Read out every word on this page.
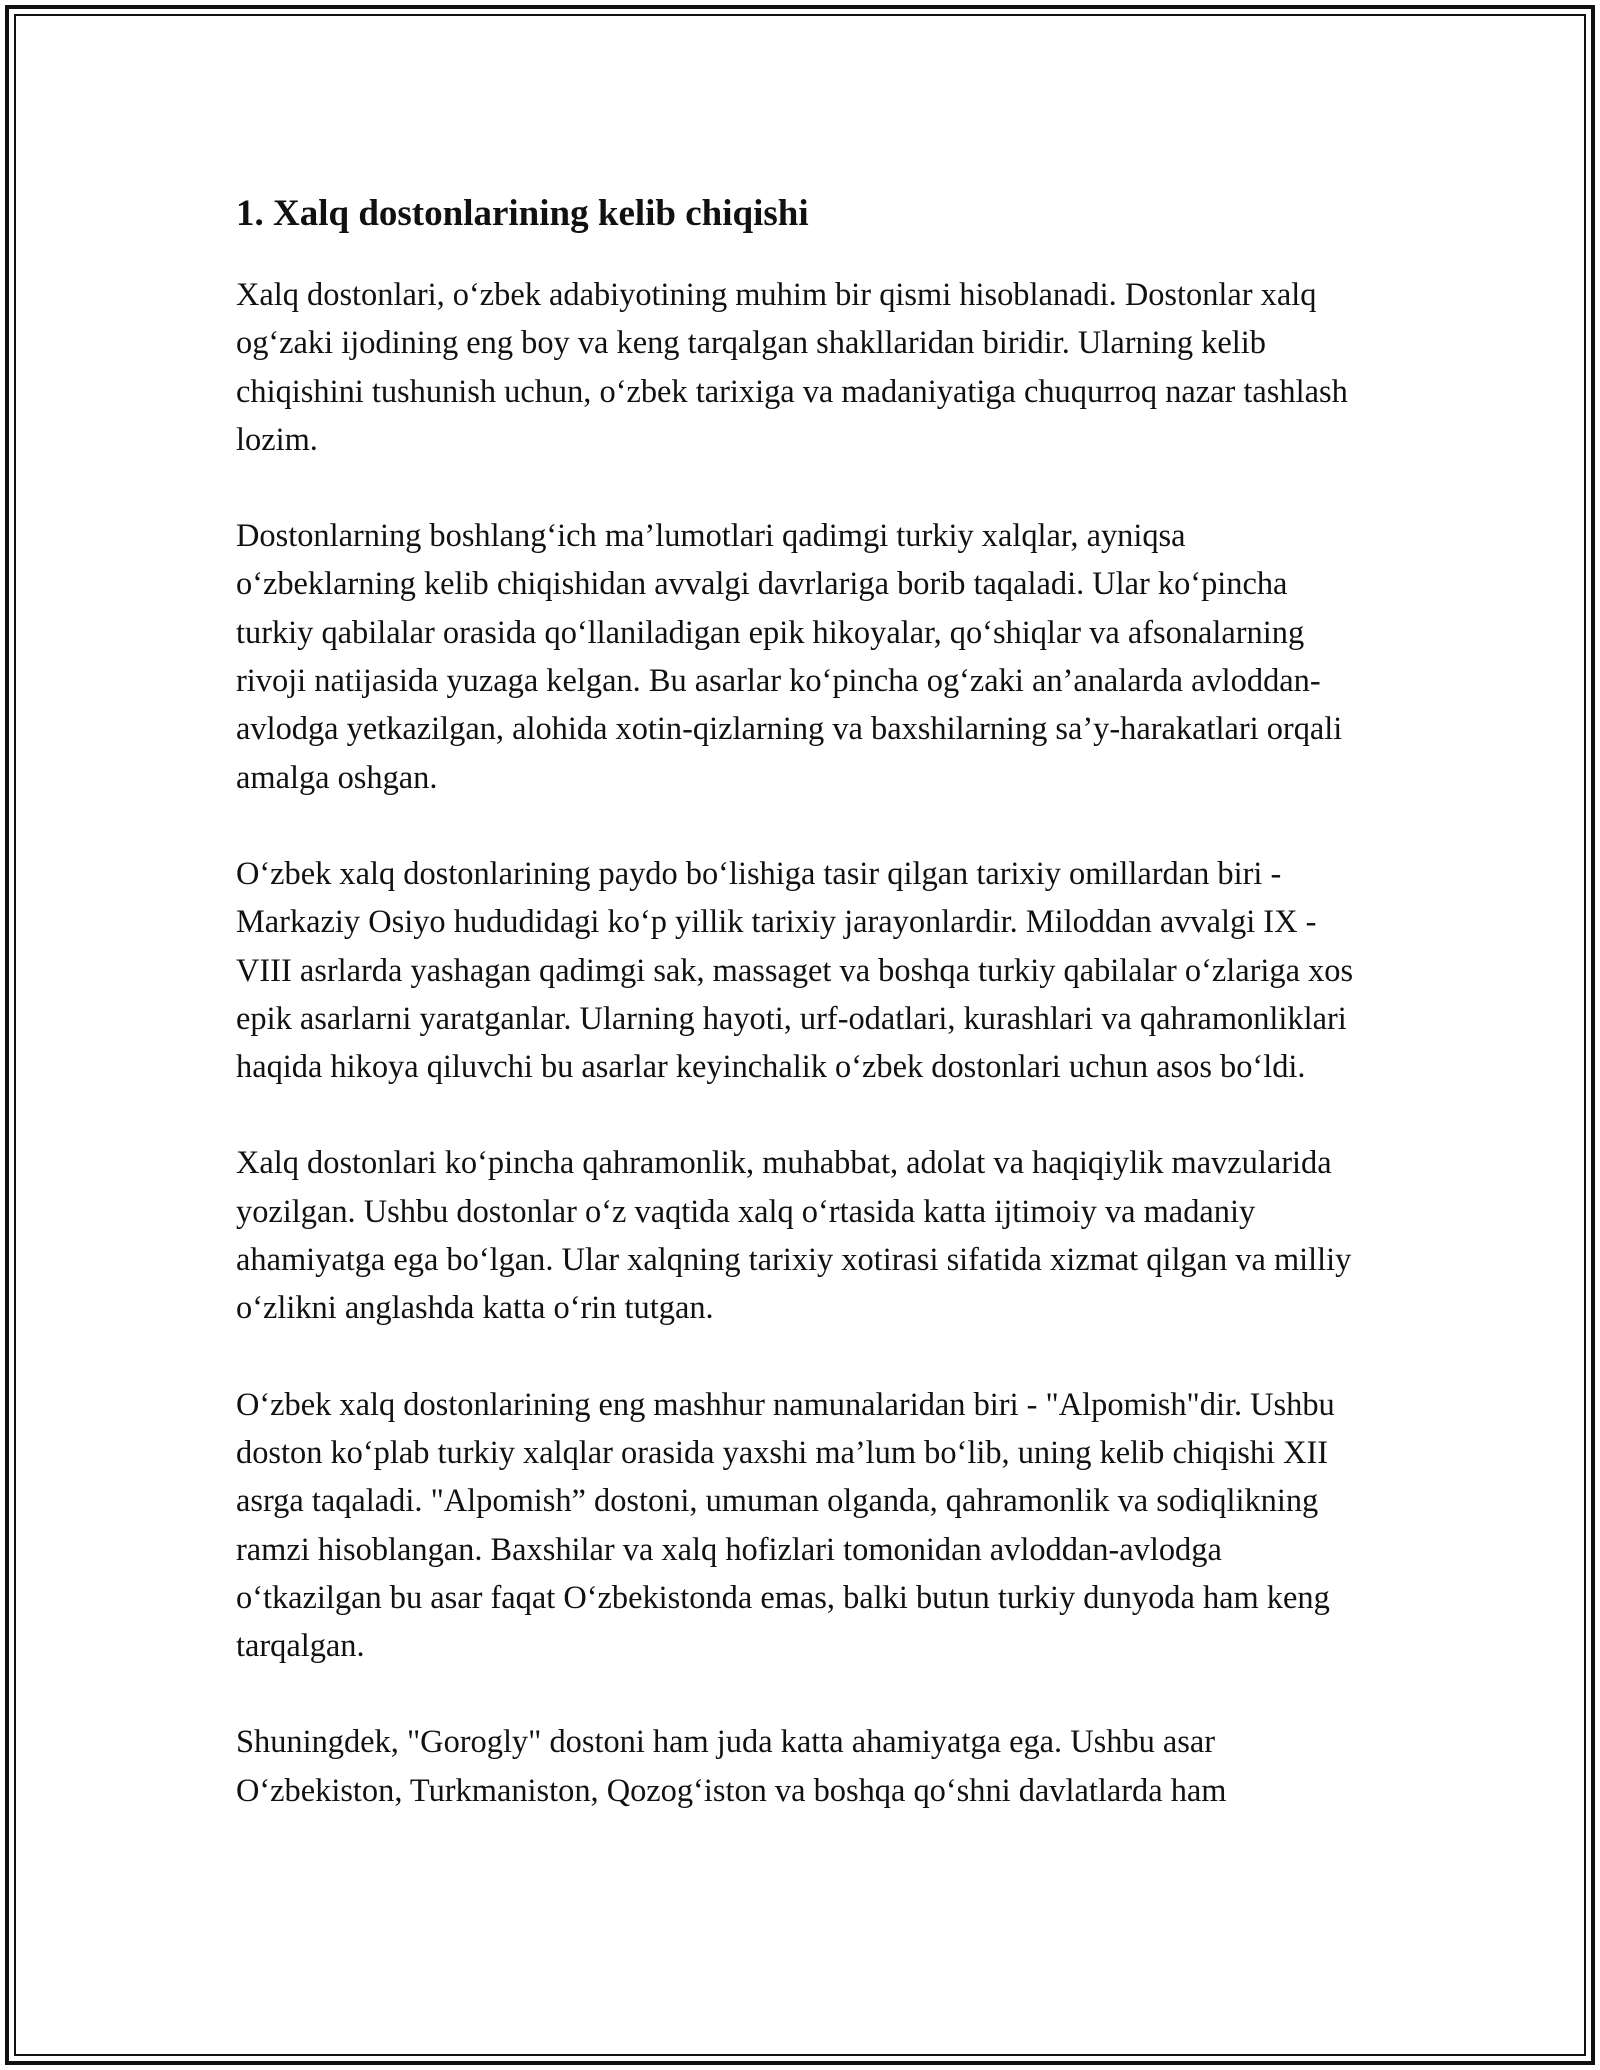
1. Xalq dostonlarining kelib chiqishi

Xalq dostonlari, o‘zbek adabiyotining muhim bir qismi hisoblanadi. Dostonlar xalq og‘zaki ijodining eng boy va keng tarqalgan shakllaridan biridir. Ularning kelib chiqishini tushunish uchun, o‘zbek tarixiga va madaniyatiga chuqurroq nazar tashlash lozim.

Dostonlarning boshlang‘ich ma’lumotlari qadimgi turkiy xalqlar, ayniqsa o‘zbeklarning kelib chiqishidan avvalgi davrlariga borib taqaladi. Ular ko‘pincha turkiy qabilalar orasida qo‘llaniladigan epik hikoyalar, qo‘shiqlar va afsonalarning rivoji natijasida yuzaga kelgan. Bu asarlar ko‘pincha og‘zaki an’analarda avloddan-avlodga yetkazilgan, alohida xotin-qizlarning va baxshilarning sa’y-harakatlari orqali amalga oshgan.

O‘zbek xalq dostonlarining paydo bo‘lishiga tasir qilgan tarixiy omillardan biri - Markaziy Osiyo hududidagi ko‘p yillik tarixiy jarayonlardir. Miloddan avvalgi IX - VIII asrlarda yashagan qadimgi sak, massaget va boshqa turkiy qabilalar o‘zlariga xos epik asarlarni yaratganlar. Ularning hayoti, urf-odatlari, kurashlari va qahramonliklari haqida hikoya qiluvchi bu asarlar keyinchalik o‘zbek dostonlari uchun asos bo‘ldi.

Xalq dostonlari ko‘pincha qahramonlik, muhabbat, adolat va haqiqiylik mavzularida yozilgan. Ushbu dostonlar o‘z vaqtida xalq o‘rtasida katta ijtimoiy va madaniy ahamiyatga ega bo‘lgan. Ular xalqning tarixiy xotirasi sifatida xizmat qilgan va milliy o‘zlikni anglashda katta o‘rin tutgan.

O‘zbek xalq dostonlarining eng mashhur namunalaridan biri - "Alpomish"dir. Ushbu doston ko‘plab turkiy xalqlar orasida yaxshi ma’lum bo‘lib, uning kelib chiqishi XII asrga taqaladi. "Alpomish” dostoni, umuman olganda, qahramonlik va sodiqlikning ramzi hisoblangan. Baxshilar va xalq hofizlari tomonidan avloddan-avlodga o‘tkazilgan bu asar faqat O‘zbekistonda emas, balki butun turkiy dunyoda ham keng tarqalgan.

Shuningdek, "Gorogly" dostoni ham juda katta ahamiyatga ega. Ushbu asar O‘zbekiston, Turkmaniston, Qozog‘iston va boshqa qo‘shni davlatlarda ham
